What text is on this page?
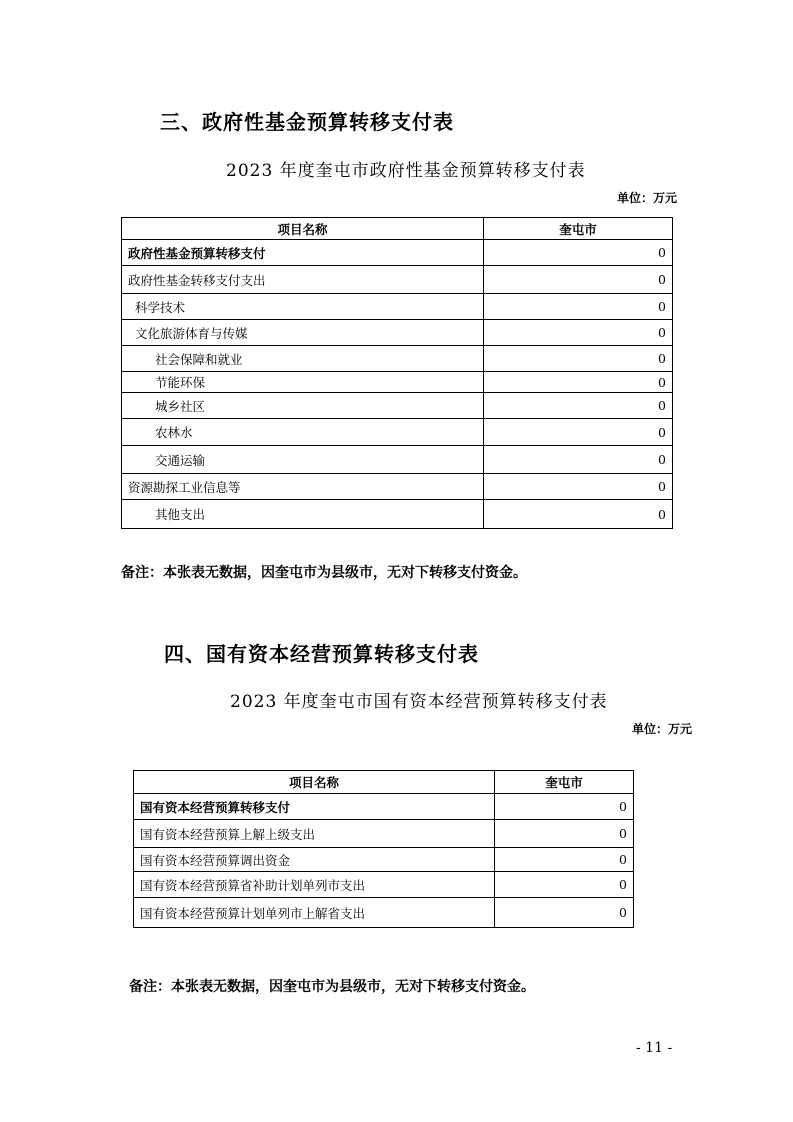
三、政府性基金预算转移支付表
2023 年度奎屯市政府性基金预算转移支付表
单位：万元
项目名称	奎屯市
政府性基金预算转移支付	0
政府性基金转移支付支出	0
科学技术	0
文化旅游体育与传媒	0
社会保障和就业	0
节能环保	0
城乡社区	0
农林水	0
交通运输	0
资源勘探工业信息等	0
其他支出	0
备注：本张表无数据，因奎屯市为县级市，无对下转移支付资金。
四、国有资本经营预算转移支付表
2023 年度奎屯市国有资本经营预算转移支付表
单位：万元
项目名称	奎屯市
国有资本经营预算转移支付	0
国有资本经营预算上解上级支出	0
国有资本经营预算调出资金	0
国有资本经营预算省补助计划单列市支出	0
国有资本经营预算计划单列市上解省支出	0
备注：本张表无数据，因奎屯市为县级市，无对下转移支付资金。
- 11 -
